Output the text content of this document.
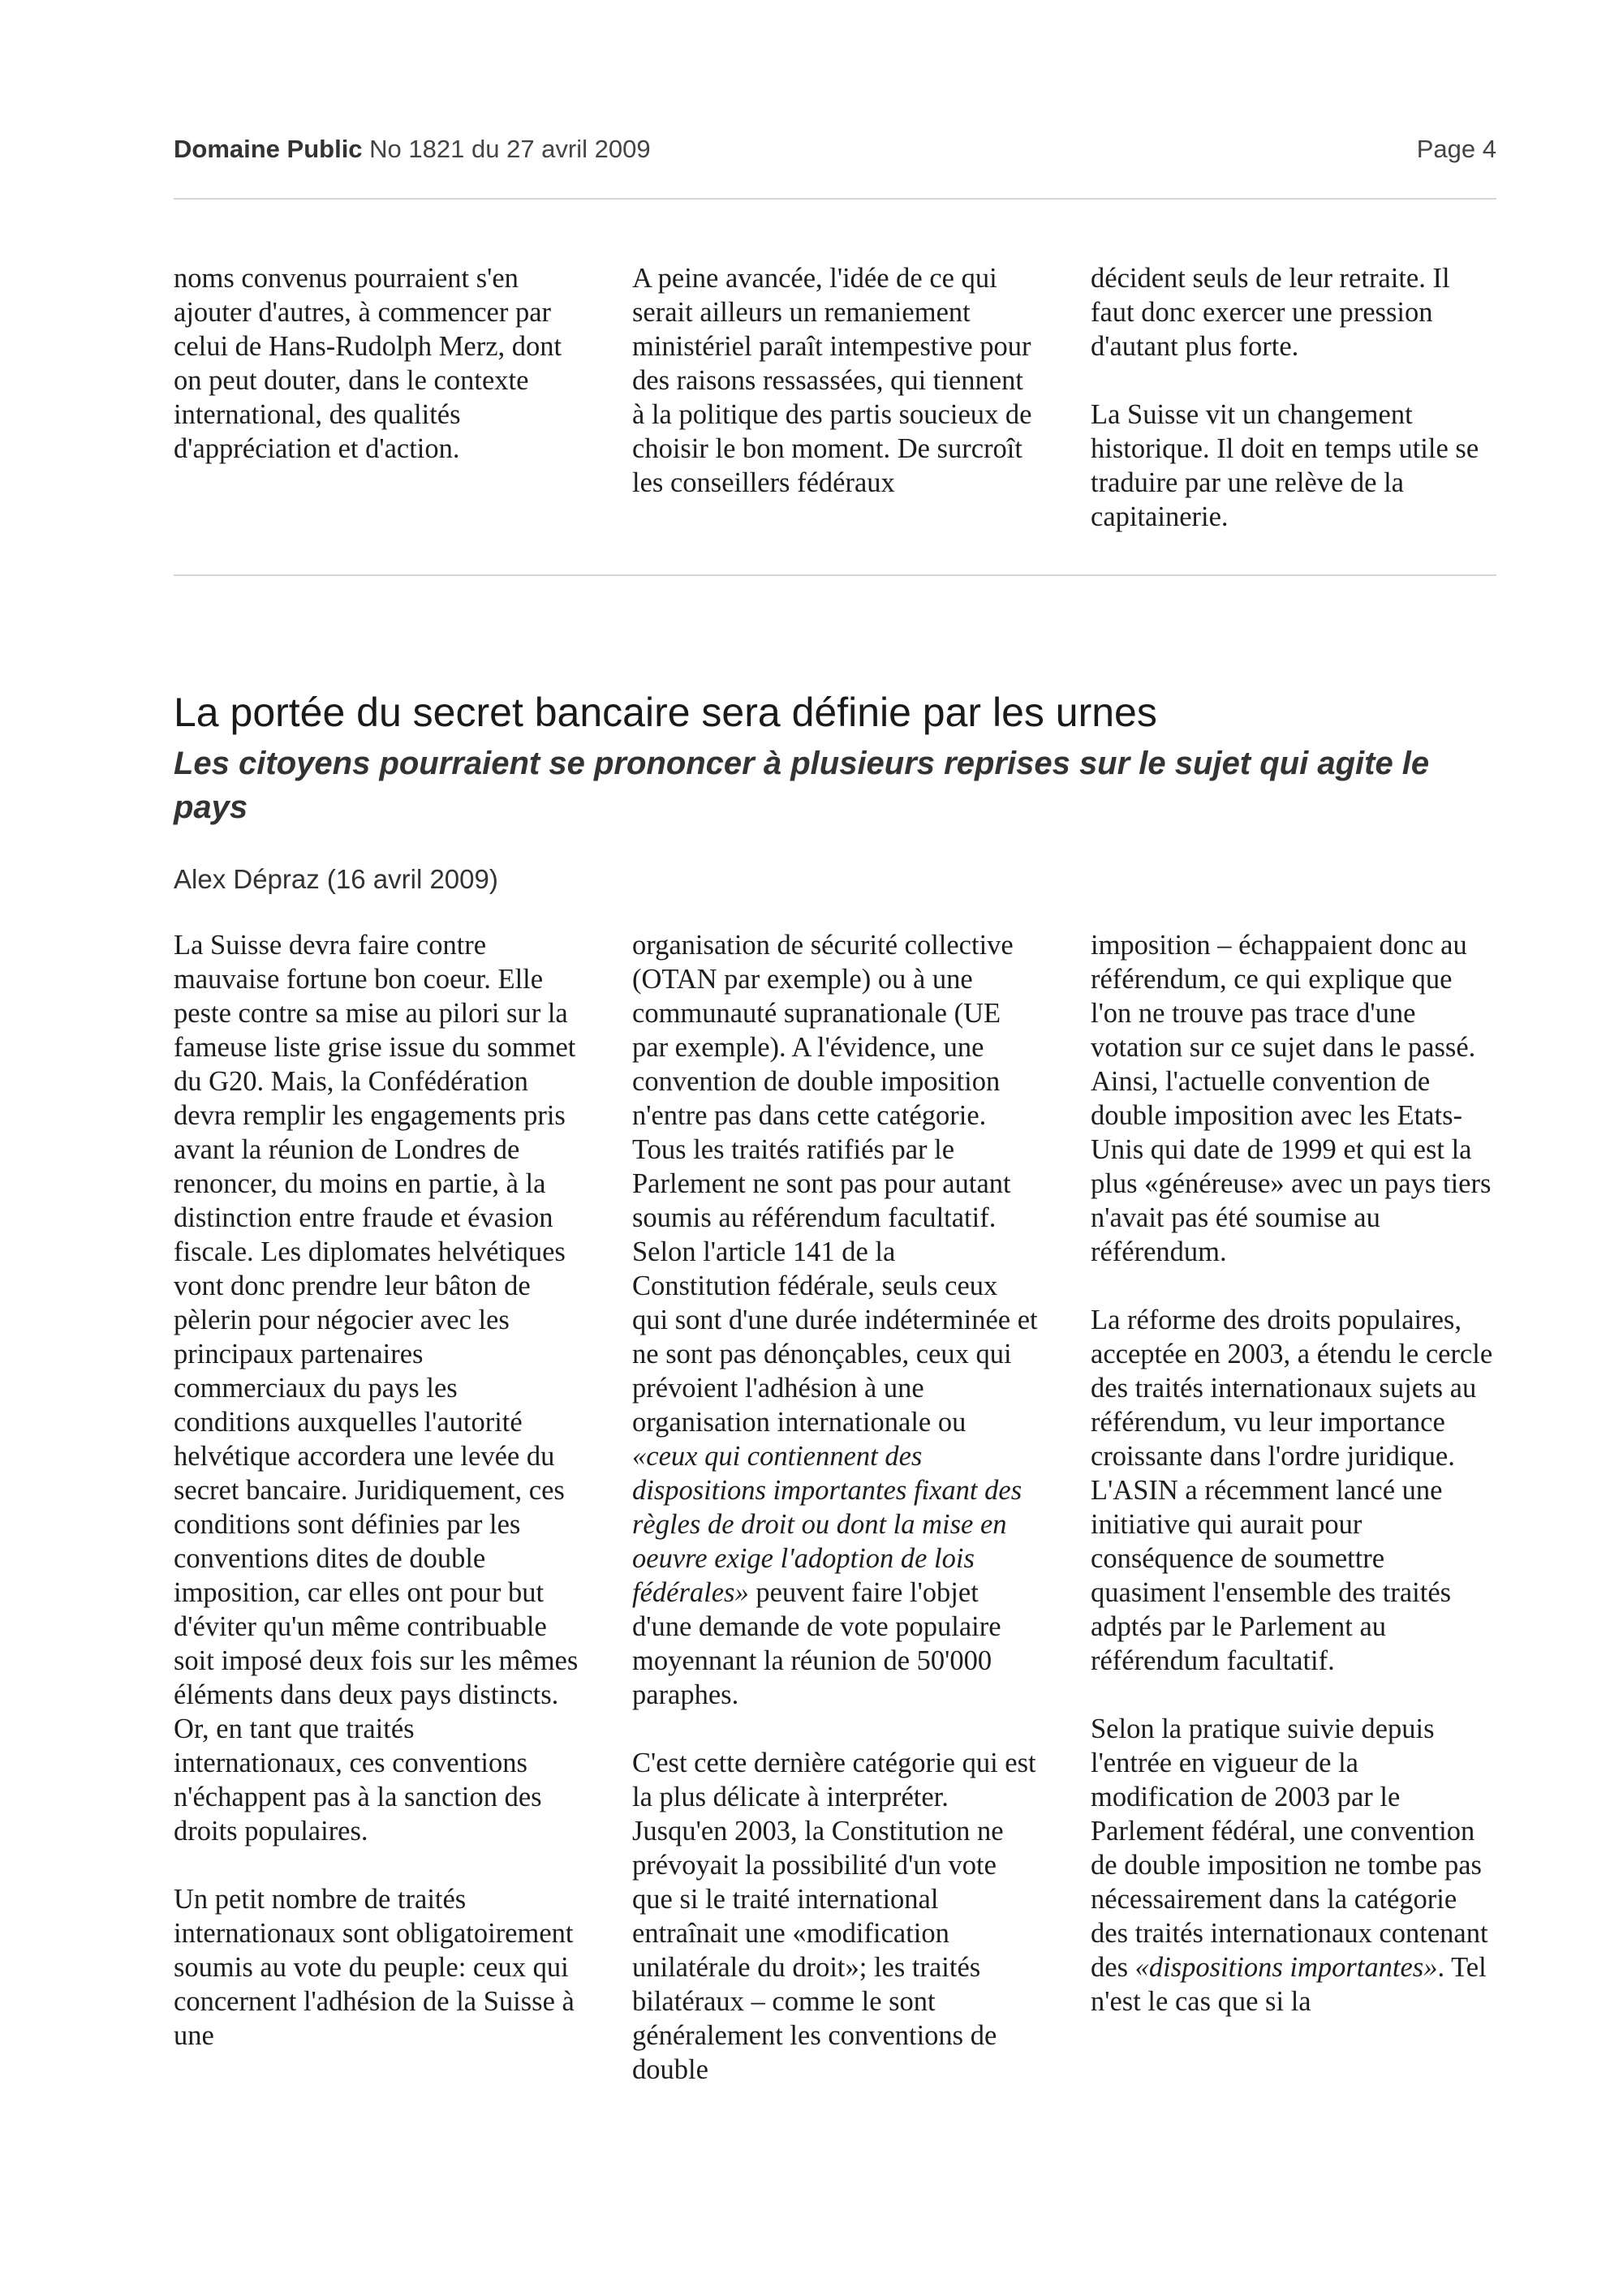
Domaine Public No 1821 du 27 avril 2009	Page 4

noms convenus pourraient s'en ajouter d'autres, à commencer par celui de Hans-Rudolph Merz, dont on peut douter, dans le contexte international, des qualités d'appréciation et d'action.

A peine avancée, l'idée de ce qui serait ailleurs un remaniement ministériel paraît intempestive pour des raisons ressassées, qui tiennent à la politique des partis soucieux de choisir le bon moment. De surcroît les conseillers fédéraux

décident seuls de leur retraite. Il faut donc exercer une pression d'autant plus forte.

La Suisse vit un changement historique. Il doit en temps utile se traduire par une relève de la capitainerie.

La portée du secret bancaire sera définie par les urnes
Les citoyens pourraient se prononcer à plusieurs reprises sur le sujet qui agite le pays
Alex Dépraz (16 avril 2009)

La Suisse devra faire contre mauvaise fortune bon coeur. Elle peste contre sa mise au pilori sur la fameuse liste grise issue du sommet du G20. Mais, la Confédération devra remplir les engagements pris avant la réunion de Londres de renoncer, du moins en partie, à la distinction entre fraude et évasion fiscale. Les diplomates helvétiques vont donc prendre leur bâton de pèlerin pour négocier avec les principaux partenaires commerciaux du pays les conditions auxquelles l'autorité helvétique accordera une levée du secret bancaire. Juridiquement, ces conditions sont définies par les conventions dites de double imposition, car elles ont pour but d'éviter qu'un même contribuable soit imposé deux fois sur les mêmes éléments dans deux pays distincts. Or, en tant que traités internationaux, ces conventions n'échappent pas à la sanction des droits populaires.

Un petit nombre de traités internationaux sont obligatoirement soumis au vote du peuple: ceux qui concernent l'adhésion de la Suisse à une

organisation de sécurité collective (OTAN par exemple) ou à une communauté supranationale (UE par exemple). A l'évidence, une convention de double imposition n'entre pas dans cette catégorie. Tous les traités ratifiés par le Parlement ne sont pas pour autant soumis au référendum facultatif. Selon l'article 141 de la Constitution fédérale, seuls ceux qui sont d'une durée indéterminée et ne sont pas dénonçables, ceux qui prévoient l'adhésion à une organisation internationale ou «ceux qui contiennent des dispositions importantes fixant des règles de droit ou dont la mise en oeuvre exige l'adoption de lois fédérales» peuvent faire l'objet d'une demande de vote populaire moyennant la réunion de 50'000 paraphes.

C'est cette dernière catégorie qui est la plus délicate à interpréter. Jusqu'en 2003, la Constitution ne prévoyait la possibilité d'un vote que si le traité international entraînait une «modification unilatérale du droit»; les traités bilatéraux – comme le sont généralement les conventions de double

imposition – échappaient donc au référendum, ce qui explique que l'on ne trouve pas trace d'une votation sur ce sujet dans le passé. Ainsi, l'actuelle convention de double imposition avec les Etats-Unis qui date de 1999 et qui est la plus «généreuse» avec un pays tiers n'avait pas été soumise au référendum.

La réforme des droits populaires, acceptée en 2003, a étendu le cercle des traités internationaux sujets au référendum, vu leur importance croissante dans l'ordre juridique. L'ASIN a récemment lancé une initiative qui aurait pour conséquence de soumettre quasiment l'ensemble des traités adptés par le Parlement au référendum facultatif.

Selon la pratique suivie depuis l'entrée en vigueur de la modification de 2003 par le Parlement fédéral, une convention de double imposition ne tombe pas nécessairement dans la catégorie des traités internationaux contenant des «dispositions importantes». Tel n'est le cas que si la
